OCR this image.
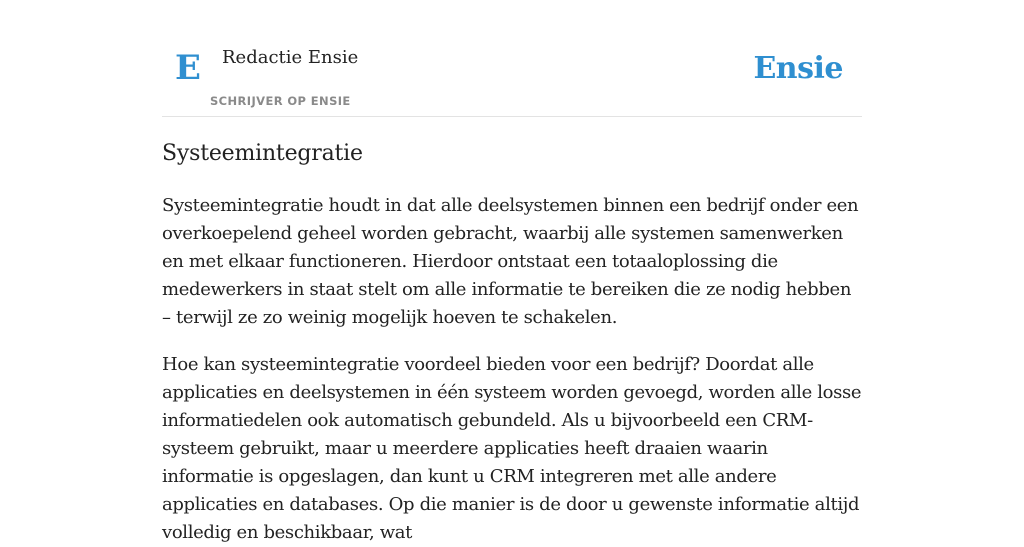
E Redactie Ensie
SCHRIJVER OP ENSIE
Ensie
Systeemintegratie

Systeemintegratie houdt in dat alle deelsystemen binnen een bedrijf onder een overkoepelend geheel worden gebracht, waarbij alle systemen samenwerken en met elkaar functioneren. Hierdoor ontstaat een totaaloplossing die medewerkers in staat stelt om alle informatie te bereiken die ze nodig hebben – terwijl ze zo weinig mogelijk hoeven te schakelen.

Hoe kan systeemintegratie voordeel bieden voor een bedrijf? Doordat alle applicaties en deelsystemen in één systeem worden gevoegd, worden alle losse informatiedelen ook automatisch gebundeld. Als u bijvoorbeeld een CRM-systeem gebruikt, maar u meerdere applicaties heeft draaien waarin informatie is opgeslagen, dan kunt u CRM integreren met alle andere applicaties en databases. Op die manier is de door u gewenste informatie altijd volledig en beschikbaar, wat
